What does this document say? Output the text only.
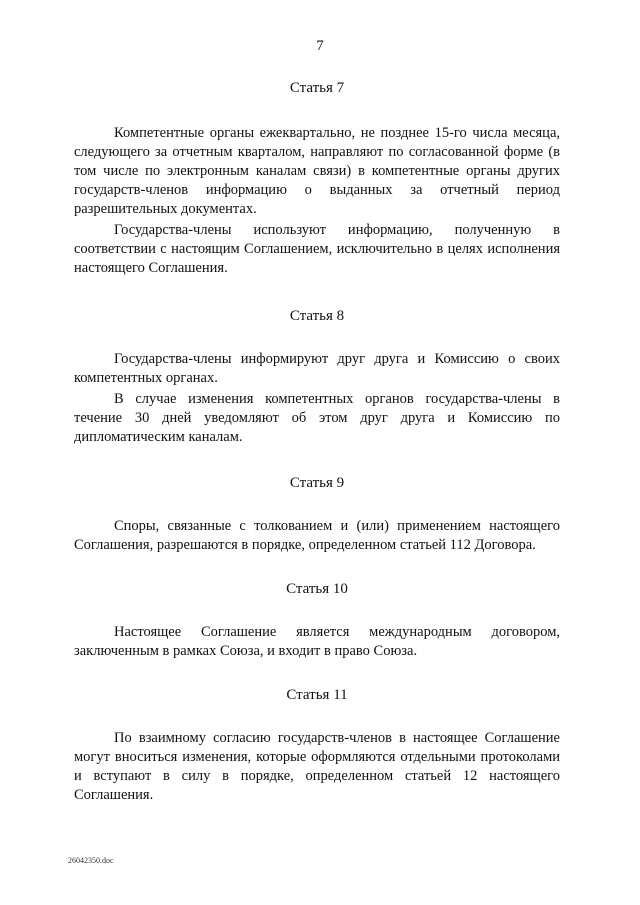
7

Статья 7

Компетентные органы ежеквартально, не позднее 15-го числа месяца, следующего за отчетным кварталом, направляют по согласованной форме (в том числе по электронным каналам связи) в компетентные органы других государств-членов информацию о выданных за отчетный период разрешительных документах.

Государства-члены используют информацию, полученную в соответствии с настоящим Соглашением, исключительно в целях исполнения настоящего Соглашения.

Статья 8

Государства-члены информируют друг друга и Комиссию о своих компетентных органах.

В случае изменения компетентных органов государства-члены в течение 30 дней уведомляют об этом друг друга и Комиссию по дипломатическим каналам.

Статья 9

Споры, связанные с толкованием и (или) применением настоящего Соглашения, разрешаются в порядке, определенном статьей 112 Договора.

Статья 10

Настоящее Соглашение является международным договором, заключенным в рамках Союза, и входит в право Союза.

Статья 11

По взаимному согласию государств-членов в настоящее Соглашение могут вноситься изменения, которые оформляются отдельными протоколами и вступают в силу в порядке, определенном статьей 12 настоящего Соглашения.

26042350.doc
